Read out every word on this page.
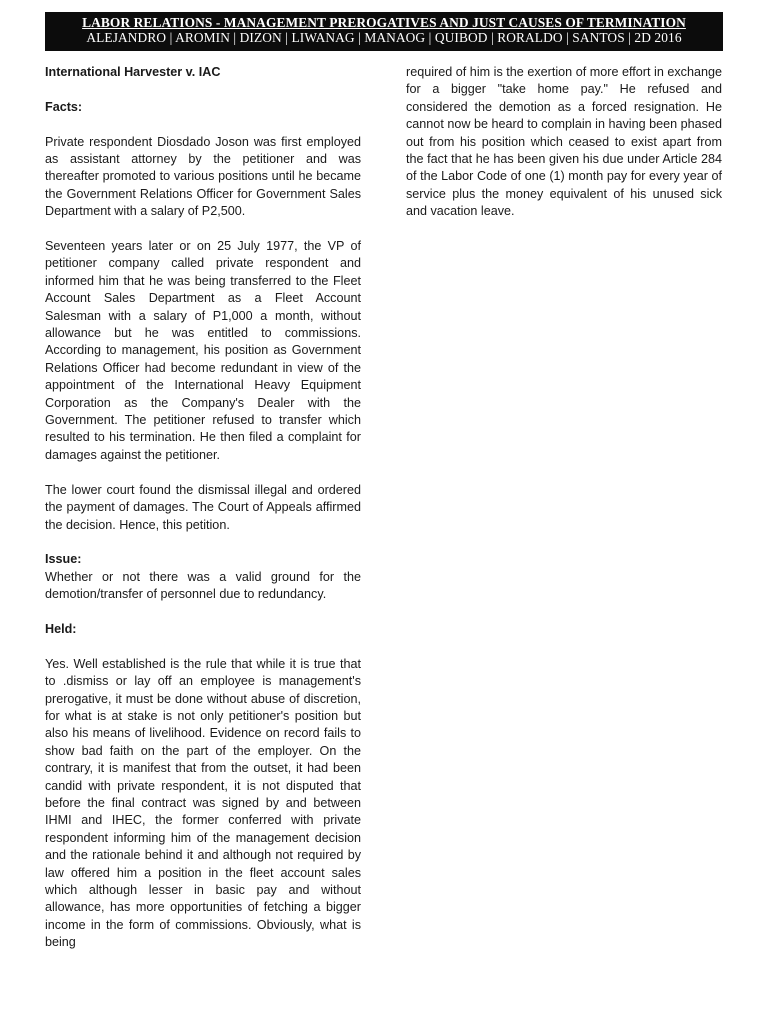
LABOR RELATIONS - MANAGEMENT PREROGATIVES AND JUST CAUSES OF TERMINATION
ALEJANDRO | AROMIN | DIZON | LIWANAG | MANAOG | QUIBOD | RORALDO | SANTOS | 2D 2016

International Harvester v. IAC

Facts:

Private respondent Diosdado Joson was first employed as assistant attorney by the petitioner and was thereafter promoted to various positions until he became the Government Relations Officer for Government Sales Department with a salary of P2,500.

Seventeen years later or on 25 July 1977, the VP of petitioner company called private respondent and informed him that he was being transferred to the Fleet Account Sales Department as a Fleet Account Salesman with a salary of P1,000 a month, without allowance but he was entitled to commissions. According to management, his position as Government Relations Officer had become redundant in view of the appointment of the International Heavy Equipment Corporation as the Company's Dealer with the Government. The petitioner refused to transfer which resulted to his termination. He then filed a complaint for damages against the petitioner.

The lower court found the dismissal illegal and ordered the payment of damages. The Court of Appeals affirmed the decision. Hence, this petition.

Issue:

Whether or not there was a valid ground for the demotion/transfer of personnel due to redundancy.

Held:

Yes. Well established is the rule that while it is true that to .dismiss or lay off an employee is management's prerogative, it must be done without abuse of discretion, for what is at stake is not only petitioner's position but also his means of livelihood. Evidence on record fails to show bad faith on the part of the employer. On the contrary, it is manifest that from the outset, it had been candid with private respondent, it is not disputed that before the final contract was signed by and between IHMI and IHEC, the former conferred with private respondent informing him of the management decision and the rationale behind it and although not required by law offered him a position in the fleet account sales which although lesser in basic pay and without allowance, has more opportunities of fetching a bigger income in the form of commissions. Obviously, what is being

required of him is the exertion of more effort in exchange for a bigger "take home pay." He refused and considered the demotion as a forced resignation. He cannot now be heard to complain in having been phased out from his position which ceased to exist apart from the fact that he has been given his due under Article 284 of the Labor Code of one (1) month pay for every year of service plus the money equivalent of his unused sick and vacation leave.
